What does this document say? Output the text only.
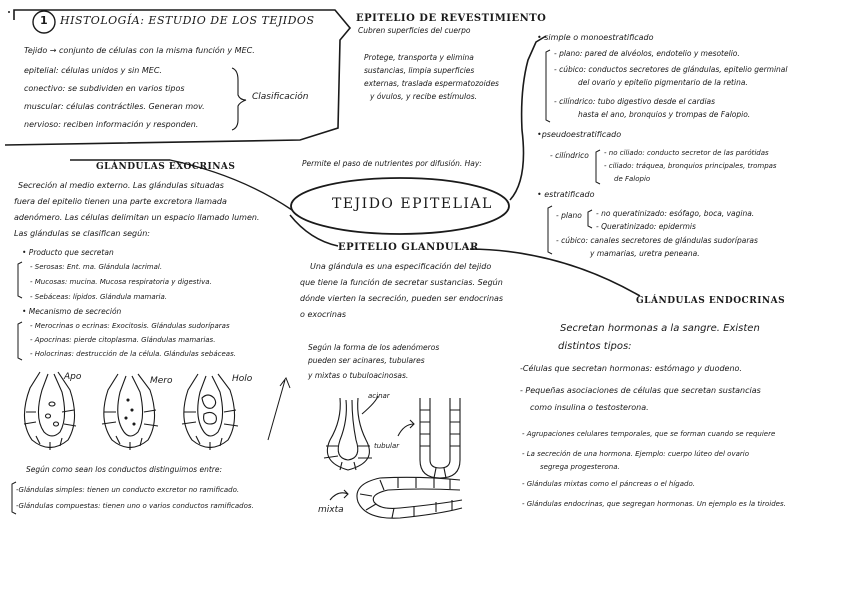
1 HISTOLOGÍA: ESTUDIO DE LOS TEJIDOS
Tejido → conjunto de células con la misma función y MEC.
epitelial: células unidos y sin MEC.
conectivo: se subdividen en varios tipos
muscular: células contráctiles. Generan mov.
nervioso: reciben información y responden.
Clasificación
TEJIDO EPITELIAL
Permite el paso de nutrientes por difusión. Hay:
EPITELIO DE REVESTIMIENTO
Cubren superficies del cuerpo
Protege, transporta y elimina
sustancias, limpia superficies
externas, traslada espermatozoides
y óvulos, y recibe estímulos.
• simple o monoestratificado
- plano: pared de alvéolos, endotelio y mesotelio.
- cúbico: conductos secretores de glándulas, epitelio germinal
del ovario y epitelio pigmentario de la retina.
- cilíndrico: tubo digestivo desde el cardias
hasta el ano, bronquios y trompas de Falopio.
•pseudoestratificado
- cilíndrico - no ciliado: conducto secretor de las parótidas
- ciliado: tráquea, bronquios principales, trompas
de Falopio
• estratificado
- plano - no queratinizado: esófago, boca, vagina.
- Queratinizado: epidermis
- cúbico: canales secretores de glándulas sudoríparas
y mamarias, uretra peneana.
GLÁNDULAS EXOCRINAS
Secreción al medio externo. Las glándulas situadas
fuera del epitelio tienen una parte excretora llamada
adenómero. Las células delimitan un espacio llamado lumen.
Las glándulas se clasifican según:
• Producto que secretan
- Serosas: Ent. ma. Glándula lacrimal.
- Mucosas: mucina. Mucosa respiratoria y digestiva.
- Sebáceas: lípidos. Glándula mamaria.
• Mecanismo de secreción
- Merocrinas o ecrinas: Exocitosis. Glándulas sudoríparas
- Apocrinas: pierde citoplasma. Glándulas mamarias.
- Holocrinas: destrucción de la célula. Glándulas sebáceas.
Apo	Mero	Holo
Según como sean los conductos distinguimos entre:
-Glándulas simples: tienen un conducto excretor no ramificado.
-Glándulas compuestas: tienen uno o varios conductos ramificados.
EPITELIO GLANDULAR
Una glándula es una especificación del tejido
que tiene la función de secretar sustancias. Según
dónde vierten la secreción, pueden ser endocrinas
o exocrinas
Según la forma de los adenómeros
pueden ser acinares, tubulares
y mixtas o tubuloacinosas.
acinar
tubular
mixta
GLÁNDULAS ENDOCRINAS
Secretan hormonas a la sangre. Existen
distintos tipos:
-Células que secretan hormonas: estómago y duodeno.
- Pequeñas asociaciones de células que secretan sustancias
como insulina o testosterona.
- Agrupaciones celulares temporales, que se forman cuando se requiere
- La secreción de una hormona. Ejemplo: cuerpo lúteo del ovario
segrega progesterona.
- Glándulas mixtas como el páncreas o el hígado.
- Glándulas endocrinas, que segregan hormonas. Un ejemplo es la tiroides.
